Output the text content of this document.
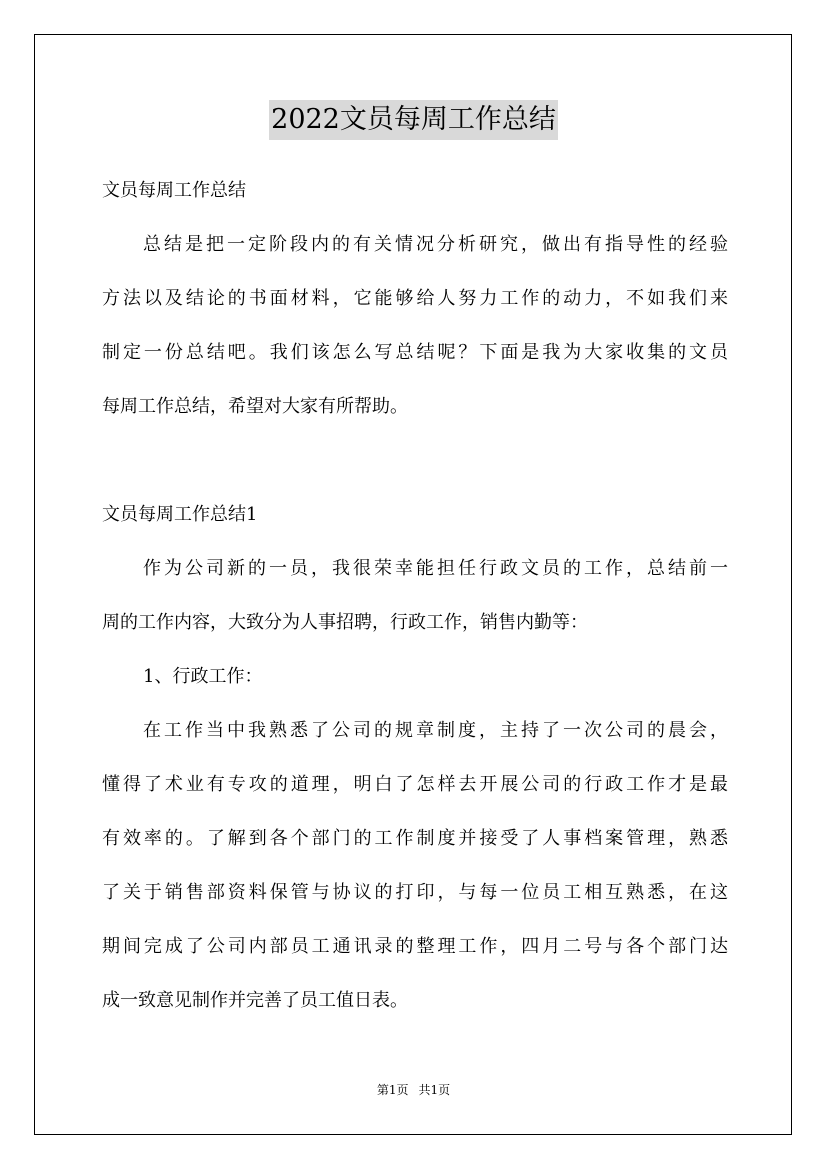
2022文员每周工作总结
文员每周工作总结
总结是把一定阶段内的有关情况分析研究，做出有指导性的经验
方法以及结论的书面材料，它能够给人努力工作的动力，不如我们来
制定一份总结吧。我们该怎么写总结呢？下面是我为大家收集的文员
每周工作总结，希望对大家有所帮助。
文员每周工作总结1
作为公司新的一员，我很荣幸能担任行政文员的工作，总结前一
周的工作内容，大致分为人事招聘，行政工作，销售内勤等：
1、行政工作：
在工作当中我熟悉了公司的规章制度，主持了一次公司的晨会，
懂得了术业有专攻的道理，明白了怎样去开展公司的行政工作才是最
有效率的。了解到各个部门的工作制度并接受了人事档案管理，熟悉
了关于销售部资料保管与协议的打印，与每一位员工相互熟悉，在这
期间完成了公司内部员工通讯录的整理工作，四月二号与各个部门达
成一致意见制作并完善了员工值日表。
第1页 共1页
